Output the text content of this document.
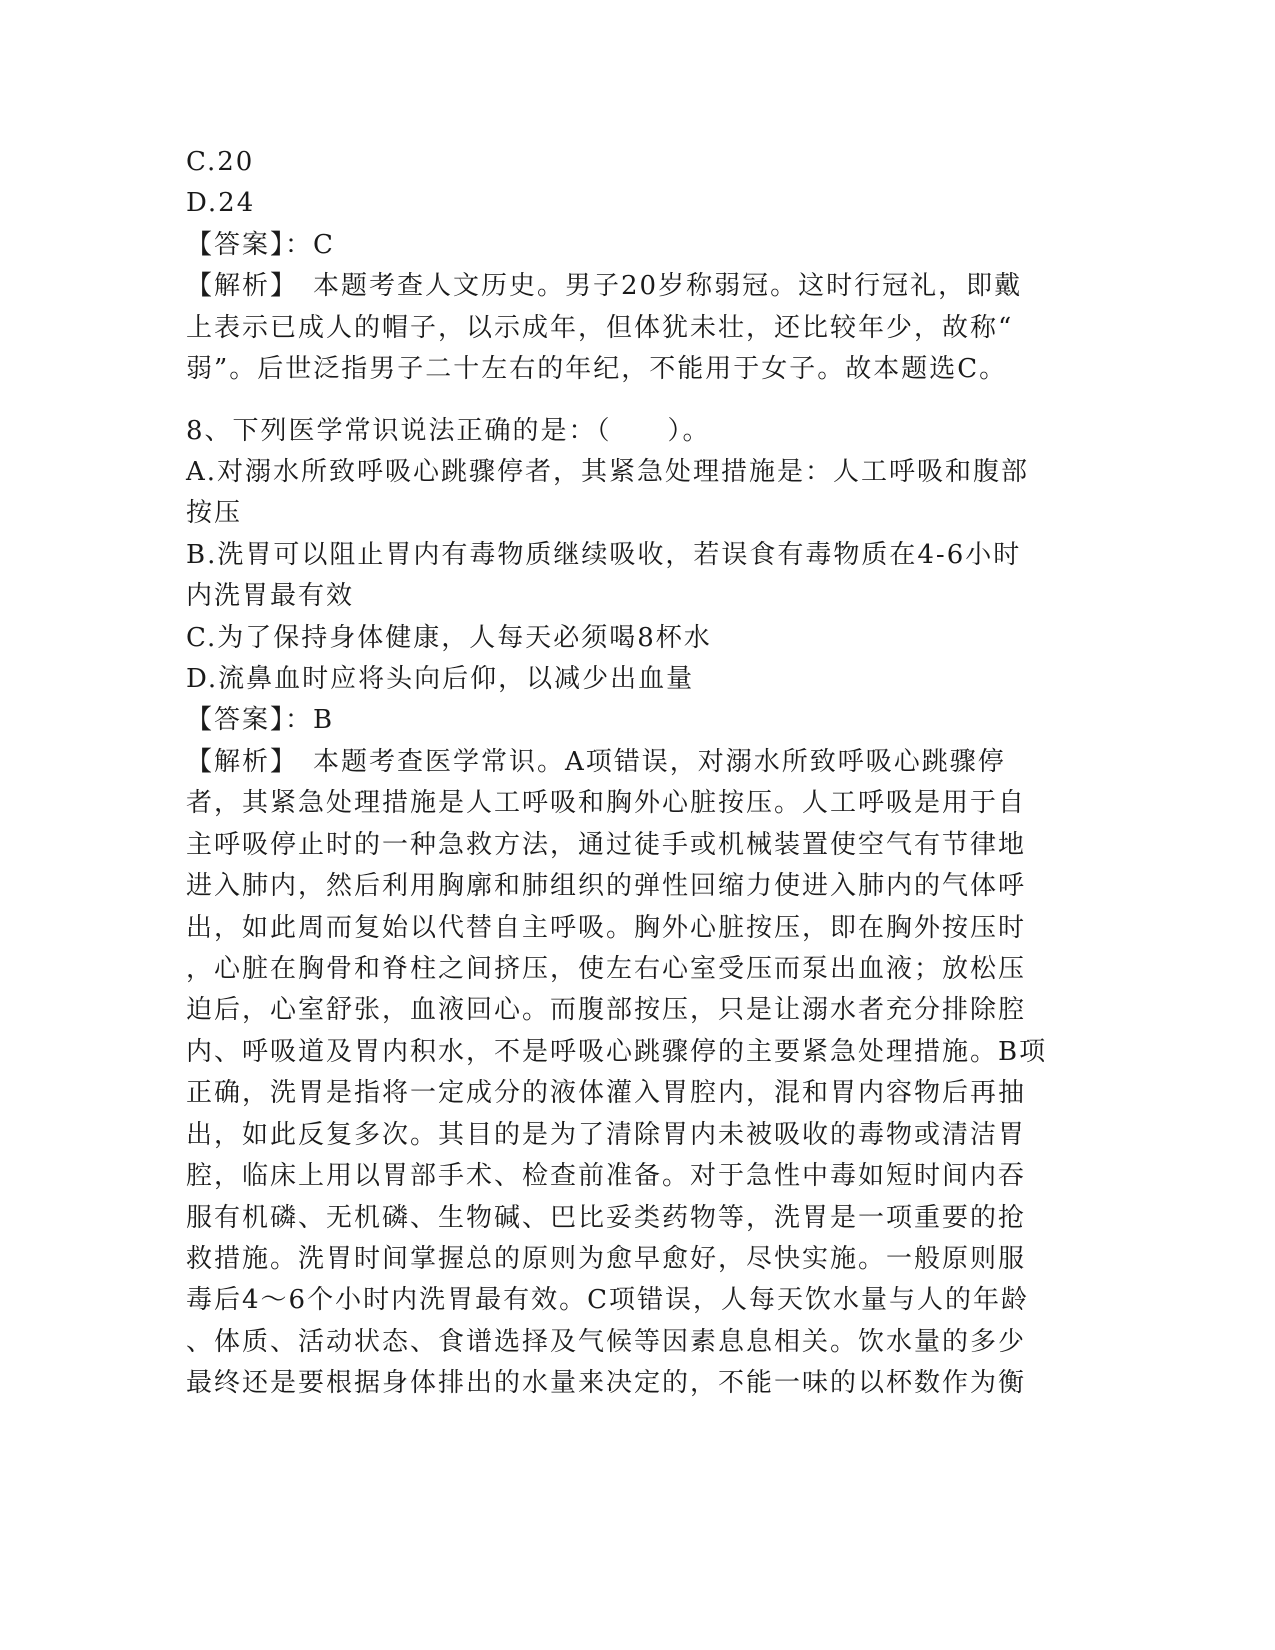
C.20
D.24
【答案】：C
【解析】　本题考查人文历史。男子20岁称弱冠。这时行冠礼，即戴
上表示已成人的帽子，以示成年，但体犹未壮，还比较年少，故称“
弱”。后世泛指男子二十左右的年纪，不能用于女子。故本题选C。
8、下列医学常识说法正确的是：（　　）。
A.对溺水所致呼吸心跳骤停者，其紧急处理措施是：人工呼吸和腹部
按压
B.洗胃可以阻止胃内有毒物质继续吸收，若误食有毒物质在4-6小时
内洗胃最有效
C.为了保持身体健康，人每天必须喝8杯水
D.流鼻血时应将头向后仰，以减少出血量
【答案】：B
【解析】　本题考查医学常识。A项错误，对溺水所致呼吸心跳骤停
者，其紧急处理措施是人工呼吸和胸外心脏按压。人工呼吸是用于自
主呼吸停止时的一种急救方法，通过徒手或机械装置使空气有节律地
进入肺内，然后利用胸廓和肺组织的弹性回缩力使进入肺内的气体呼
出，如此周而复始以代替自主呼吸。胸外心脏按压，即在胸外按压时
，心脏在胸骨和脊柱之间挤压，使左右心室受压而泵出血液；放松压
迫后，心室舒张，血液回心。而腹部按压，只是让溺水者充分排除腔
内、呼吸道及胃内积水，不是呼吸心跳骤停的主要紧急处理措施。B项
正确，洗胃是指将一定成分的液体灌入胃腔内，混和胃内容物后再抽
出，如此反复多次。其目的是为了清除胃内未被吸收的毒物或清洁胃
腔，临床上用以胃部手术、检查前准备。对于急性中毒如短时间内吞
服有机磷、无机磷、生物碱、巴比妥类药物等，洗胃是一项重要的抢
救措施。洗胃时间掌握总的原则为愈早愈好，尽快实施。一般原则服
毒后4～6个小时内洗胃最有效。C项错误，人每天饮水量与人的年龄
、体质、活动状态、食谱选择及气候等因素息息相关。饮水量的多少
最终还是要根据身体排出的水量来决定的，不能一味的以杯数作为衡
